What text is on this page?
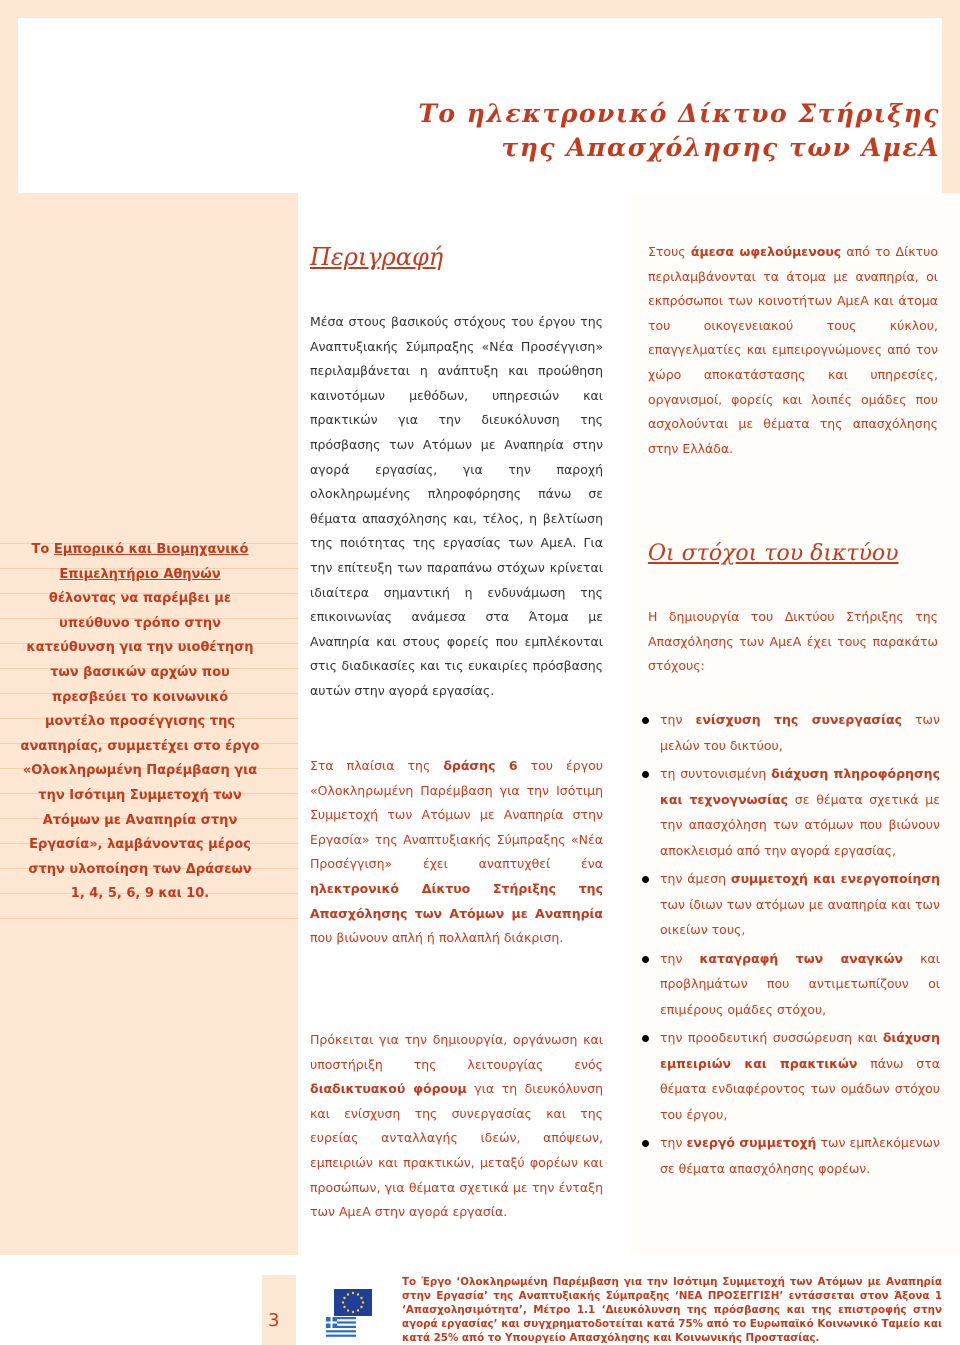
Το ηλεκτρονικό Δίκτυο Στήριξης
της Απασχόλησης των ΑμεΑ
Το Εμπορικό και Βιομηχανικό
Επιμελητήριο Αθηνών
θέλοντας να παρέμβει με υπεύθυνο τρόπο στην κατεύθυνση για την υιοθέτηση των βασικών αρχών που πρεσβεύει το κοινωνικό μοντέλο προσέγγισης της αναπηρίας, συμμετέχει στο έργο «Ολοκληρωμένη Παρέμβαση για την Ισότιμη Συμμετοχή των Ατόμων με Αναπηρία στην Εργασία», λαμβάνοντας μέρος στην υλοποίηση των Δράσεων
1, 4, 5, 6, 9 και 10.
Περιγραφή

Μέσα στους βασικούς στόχους του έργου της Αναπτυξιακής Σύμπραξης «Νέα Προσέγγιση» περιλαμβάνεται η ανάπτυξη και προώθηση καινοτόμων μεθόδων, υπηρεσιών και πρακτικών για την διευκόλυνση της πρόσβασης των Ατόμων με Αναπηρία στην αγορά εργασίας, για την παροχή ολοκληρωμένης πληροφόρησης πάνω σε θέματα απασχόλησης και, τέλος, η βελτίωση της ποιότητας της εργασίας των ΑμεΑ. Για την επίτευξη των παραπάνω στόχων κρίνεται ιδιαίτερα σημαντική η ενδυνάμωση της επικοινωνίας ανάμεσα στα Άτομα με Αναπηρία και στους φορείς που εμπλέκονται στις διαδικασίες και τις ευκαιρίες πρόσβασης αυτών στην αγορά εργασίας.

Στα πλαίσια της δράσης 6 του έργου «Ολοκληρωμένη Παρέμβαση για την Ισότιμη Συμμετοχή των Ατόμων με Αναπηρία στην Εργασία» της Αναπτυξιακής Σύμπραξης «Νέα Προσέγγιση» έχει αναπτυχθεί ένα ηλεκτρονικό Δίκτυο Στήριξης της Απασχόλησης των Ατόμων με Αναπηρία που βιώνουν απλή ή πολλαπλή διάκριση.

Πρόκειται για την δημιουργία, οργάνωση και υποστήριξη της λειτουργίας ενός διαδικτυακού φόρουμ για τη διευκόλυνση και ενίσχυση της συνεργασίας και της ευρείας ανταλλαγής ιδεών, απόψεων, εμπειριών και πρακτικών, μεταξύ φορέων και προσώπων, για θέματα σχετικά με την ένταξη των ΑμεΑ στην αγορά εργασία.

Στους άμεσα ωφελούμενους από το Δίκτυο περιλαμβάνονται τα άτομα με αναπηρία, οι εκπρόσωποι των κοινοτήτων ΑμεΑ και άτομα του οικογενειακού τους κύκλου, επαγγελματίες και εμπειρογνώμονες από τον χώρο αποκατάστασης και υπηρεσίες, οργανισμοί, φορείς και λοιπές ομάδες που ασχολούνται με θέματα της απασχόλησης στην Ελλάδα.

Οι στόχοι του δικτύου

Η δημιουργία του Δικτύου Στήριξης της Απασχόλησης των ΑμεΑ έχει τους παρακάτω στόχους:

την ενίσχυση της συνεργασίας των μελών του δικτύου,
τη συντονισμένη διάχυση πληροφόρησης και τεχνογνωσίας σε θέματα σχετικά με την απασχόληση των ατόμων που βιώνουν αποκλεισμό από την αγορά εργασίας,
την άμεση συμμετοχή και ενεργοποίηση των ίδιων των ατόμων με αναπηρία και των οικείων τους,
την καταγραφή των αναγκών και προβλημάτων που αντιμετωπίζουν οι επιμέρους ομάδες στόχου,
την προοδευτική συσσώρευση και διάχυση εμπειριών και πρακτικών πάνω στα θέματα ενδιαφέροντος των ομάδων στόχου του έργου,
την ενεργό συμμετοχή των εμπλεκόμενων σε θέματα απασχόλησης φορέων.
3
Το Έργο ‘Ολοκληρωμένη Παρέμβαση για την Ισότιμη Συμμετοχή των Ατόμων με Αναπηρία στην Εργασία’ της Αναπτυξιακής Σύμπραξης ‘ΝΕΑ ΠΡΟΣΕΓΓΙΣΗ’ εντάσσεται στον Άξονα 1 ‘Απασχολησιμότητα’, Μέτρο 1.1 ‘Διευκόλυνση της πρόσβασης και της επιστροφής στην αγορά εργασίας’ και συγχρηματοδοτείται κατά 75% από το Ευρωπαϊκό Κοινωνικό Ταμείο και κατά 25% από το Υπουργείο Απασχόλησης και Κοινωνικής Προστασίας.
